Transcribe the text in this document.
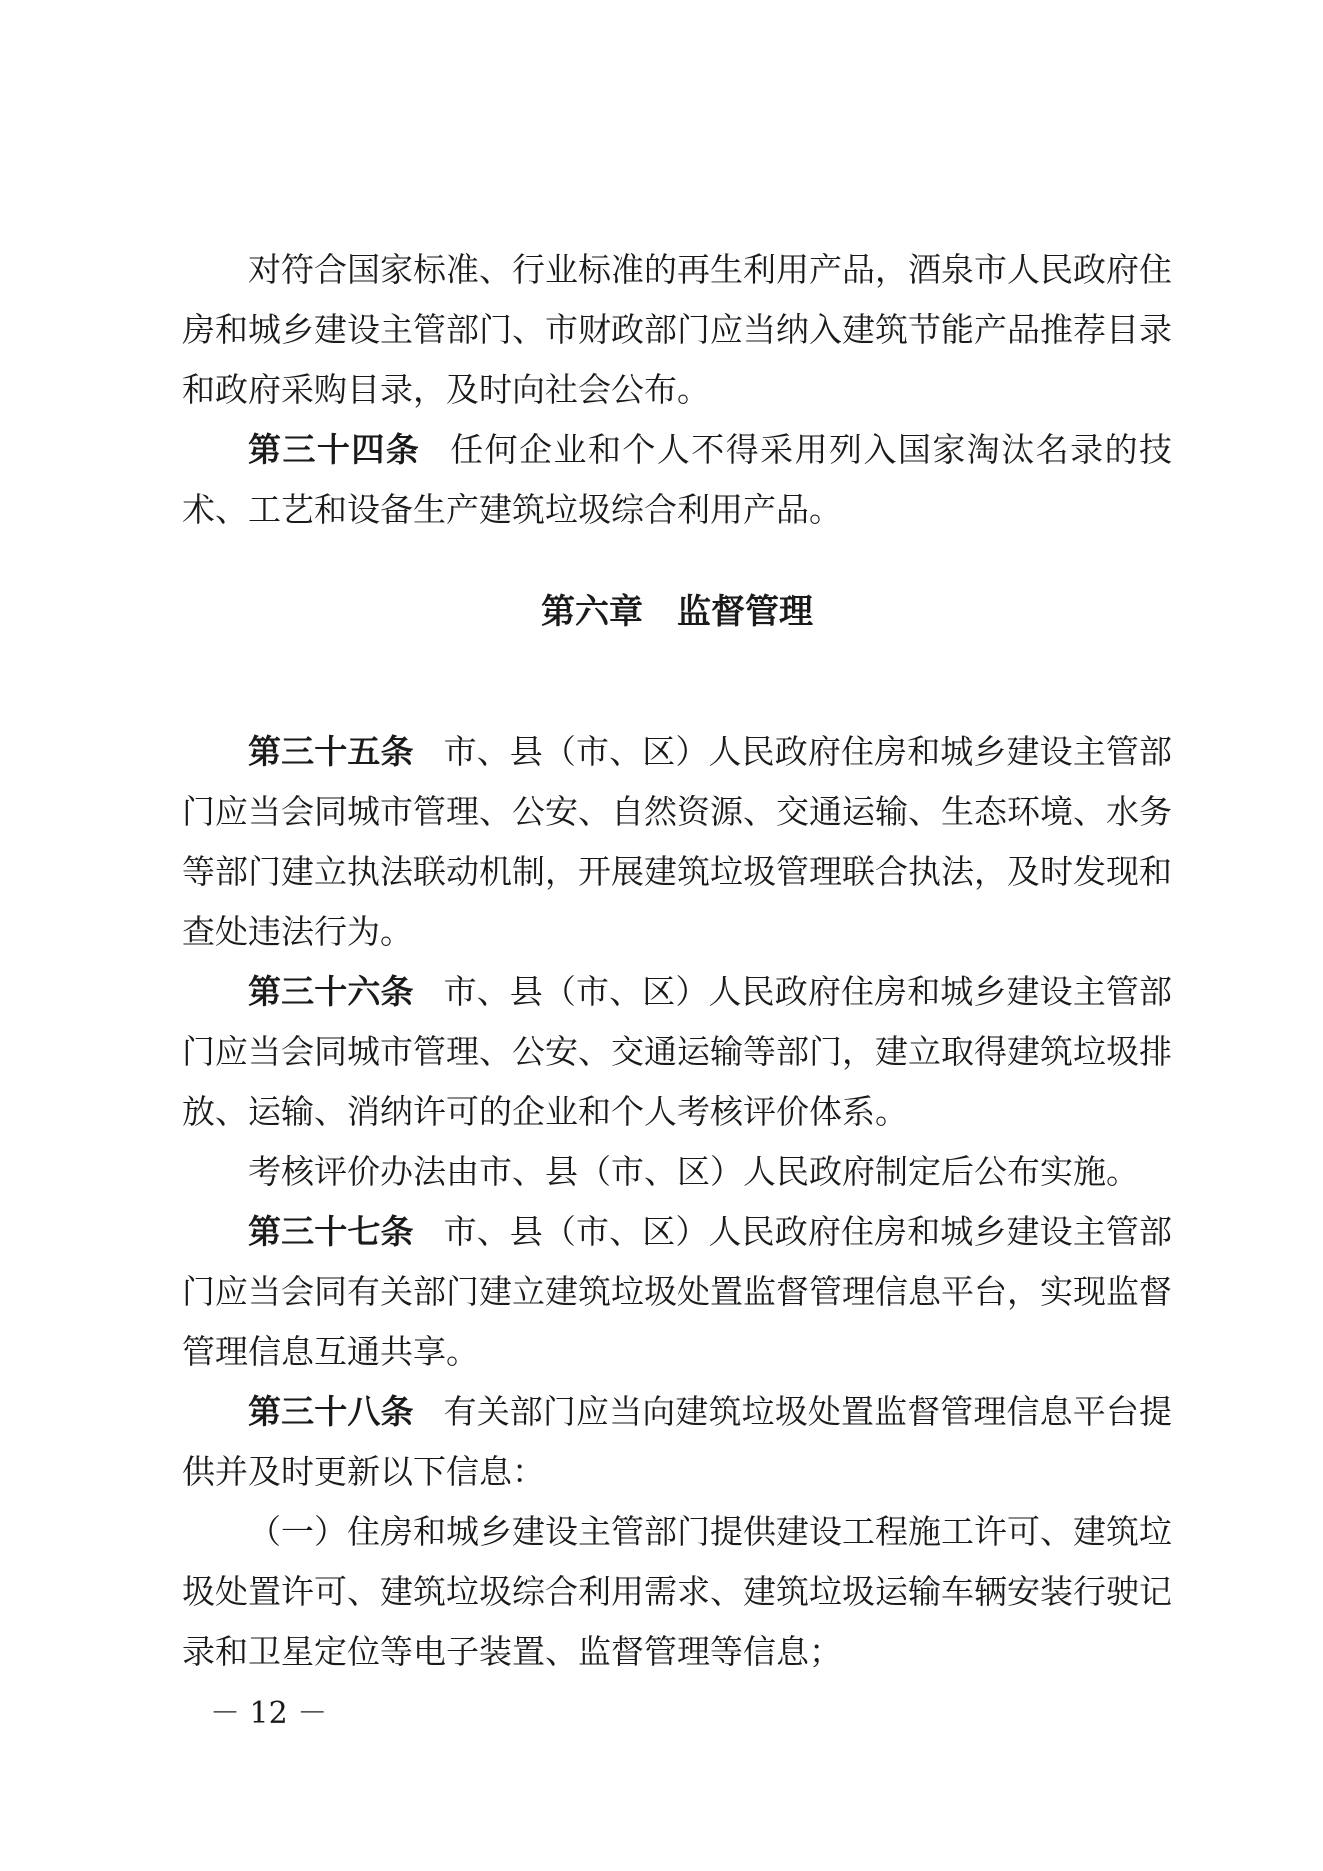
对符合国家标准、行业标准的再生利用产品，酒泉市人民政府住房和城乡建设主管部门、市财政部门应当纳入建筑节能产品推荐目录和政府采购目录，及时向社会公布。

第三十四条 任何企业和个人不得采用列入国家淘汰名录的技术、工艺和设备生产建筑垃圾综合利用产品。

第六章　监督管理

第三十五条 市、县（市、区）人民政府住房和城乡建设主管部门应当会同城市管理、公安、自然资源、交通运输、生态环境、水务等部门建立执法联动机制，开展建筑垃圾管理联合执法，及时发现和查处违法行为。

第三十六条 市、县（市、区）人民政府住房和城乡建设主管部门应当会同城市管理、公安、交通运输等部门，建立取得建筑垃圾排放、运输、消纳许可的企业和个人考核评价体系。

考核评价办法由市、县（市、区）人民政府制定后公布实施。

第三十七条 市、县（市、区）人民政府住房和城乡建设主管部门应当会同有关部门建立建筑垃圾处置监督管理信息平台，实现监督管理信息互通共享。

第三十八条 有关部门应当向建筑垃圾处置监督管理信息平台提供并及时更新以下信息：

（一）住房和城乡建设主管部门提供建设工程施工许可、建筑垃圾处置许可、建筑垃圾综合利用需求、建筑垃圾运输车辆安装行驶记录和卫星定位等电子装置、监督管理等信息；

－ 12 －
